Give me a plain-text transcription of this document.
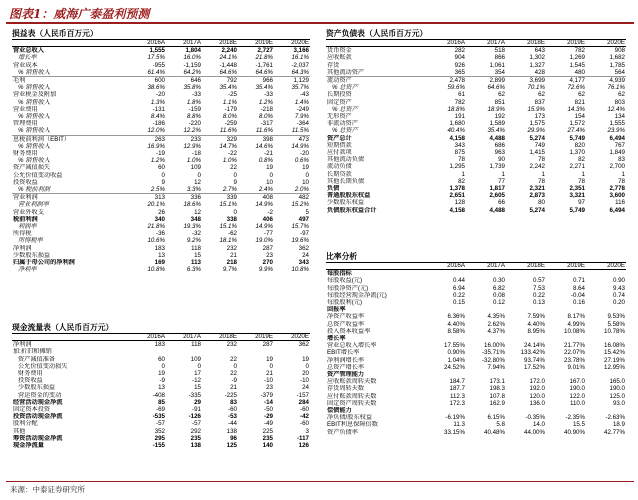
图表1：威海广泰盈利预测
损益表（人民币百万元）
	2016A	2017A	2018E	2019E	2020E
营业总收入	1,555	1,804	2,240	2,727	3,166
增长率	17.5%	16.0%	24.1%	21.8%	16.1%
营业成本	-955	-1,159	-1,448	-1,761	-2,037
% 销售收入	61.4%	64.2%	64.6%	64.6%	64.3%
毛利	600	646	792	966	1,129
% 销售收入	38.6%	35.8%	35.4%	35.4%	35.7%
营业税金及附加	-20	-33	-25	-33	-43
% 销售收入	1.3%	1.8%	1.1%	1.2%	1.4%
营业费用	-131	-159	-179	-218	-249
% 销售收入	8.4%	8.8%	8.0%	8.0%	7.9%
管理费用	-186	-220	-259	-317	-364
% 销售收入	12.0%	12.2%	11.6%	11.6%	11.5%
息税前利润（EBIT）	263	233	329	398	473
% 销售收入	16.9%	12.9%	14.7%	14.6%	14.9%
财务费用	-19	-18	-22	-21	-20
% 销售收入	1.2%	1.0%	1.0%	0.8%	0.6%
资产减值损失	60	109	22	19	19
公允价值变动收益	0	0	0	0	0
投资收益	9	12	9	10	10
% 税前利润	2.5%	3.3%	2.7%	2.4%	2.0%
营业利润	313	336	339	408	482
营业利润率	20.1%	18.6%	15.1%	14.9%	15.2%
营业外收支	26	12	0	-2	5
税前利润	340	348	338	406	497
利润率	21.8%	19.3%	15.1%	14.9%	15.7%
所得税	-36	-32	-62	-77	-97
所得税率	10.6%	9.2%	18.1%	19.0%	19.6%
净利润	183	118	232	287	362
少数股东损益	13	15	21	23	24
归属于母公司的净利润	169	113	218	270	343
净利率	10.8%	6.3%	9.7%	9.9%	10.8%
现金流量表（人民币百万元）
	2016A	2017A	2018E	2019E	2020E
净利润	183	118	232	287	362
加:折旧和摊销					
资产减值准备	60	109	22	19	19
公允价值变动损失	0	0	0	0	0
财务费用	19	17	22	21	20
投资收益	-9	-12	-9	-10	-10
少数股东损益	13	15	21	23	24
营运资金的变动	-408	-335	-225	-379	-157
经营活动现金净流	85	29	83	-14	284
固定资本投资	-69	-91	-60	-50	-60
投资活动现金净流	-535	-126	-53	-29	-42
股利分配	-57	-57	-44	-49	-60
其他	352	292	138	225	3
筹资活动现金净流	295	235	96	235	-117
现金净流量	-155	138	125	140	126
资产负债表（人民币百万元）
	2016A	2017A	2018E	2019E	2020E
货币资金	282	518	643	782	908
应收账款	904	866	1,302	1,269	1,682
存货	926	1,061	1,327	1,545	1,785
其他流动资产	365	354	428	480	564
流动资产	2,478	2,899	3,699	4,177	4,939
% 总资产	59.6%	64.6%	70.1%	72.6%	76.1%
长期投资	61	62	62	62	62
固定资产	782	851	837	821	803
% 总资产	18.8%	18.9%	15.9%	14.3%	12.4%
无形资产	191	192	173	154	134
非流动资产	1,680	1,589	1,575	1,572	1,555
% 总资产	40.4%	35.4%	29.9%	27.4%	23.9%
资产总计	4,158	4,488	5,274	5,749	6,494
短期借款	343	686	749	820	767
应付款项	875	963	1,415	1,370	1,849
其他流动负债	78	90	78	82	83
流动负债	1,295	1,739	2,242	2,271	2,700
长期贷款	1	1	1	1	1
其他长期负债	82	77	78	78	78
负债	1,378	1,817	2,321	2,351	2,778
普通股股东权益	2,651	2,605	2,873	3,321	3,600
少数股东权益	128	66	80	97	116
负债股东权益合计	4,158	4,488	5,274	5,749	6,494
比率分析
	2016A	2017A	2018E	2019E	2020E
每股指标					
每股收益(元)	0.44	0.30	0.57	0.71	0.90
每股净资产(元)	6.94	6.82	7.53	8.64	9.43
每股经营现金净流(元)	0.22	0.08	0.22	-0.04	0.74
每股股利(元)	0.15	0.12	0.13	0.16	0.20
回报率					
净资产收益率	6.36%	4.35%	7.59%	8.17%	9.53%
总资产收益率	4.40%	2.62%	4.40%	4.99%	5.58%
投入资本收益率	8.58%	4.37%	8.95%	10.08%	10.78%
增长率					
营业总收入增长率	17.55%	16.00%	24.14%	21.77%	16.08%
EBIT增长率	0.90%	-35.71%	133.42%	22.07%	15.42%
净利润增长率	1.04%	-32.80%	93.74%	23.78%	27.19%
总资产增长率	24.52%	7.94%	17.52%	9.01%	12.95%
资产管理能力					
应收账款周转天数	184.7	173.1	172.0	167.0	165.0
存货周转天数	187.7	198.3	192.0	190.0	190.0
应付账款周转天数	112.3	107.8	120.0	122.0	125.0
固定资产周转天数	172.3	162.9	136.0	110.0	93.0
偿债能力					
净负债/股东权益	-6.19%	6.15%	-0.35%	-2.35%	-2.63%
EBIT利息保障倍数	11.3	5.8	14.0	15.5	18.9
资产负债率	33.15%	40.48%	44.00%	40.90%	42.77%
来源：中泰证券研究所
